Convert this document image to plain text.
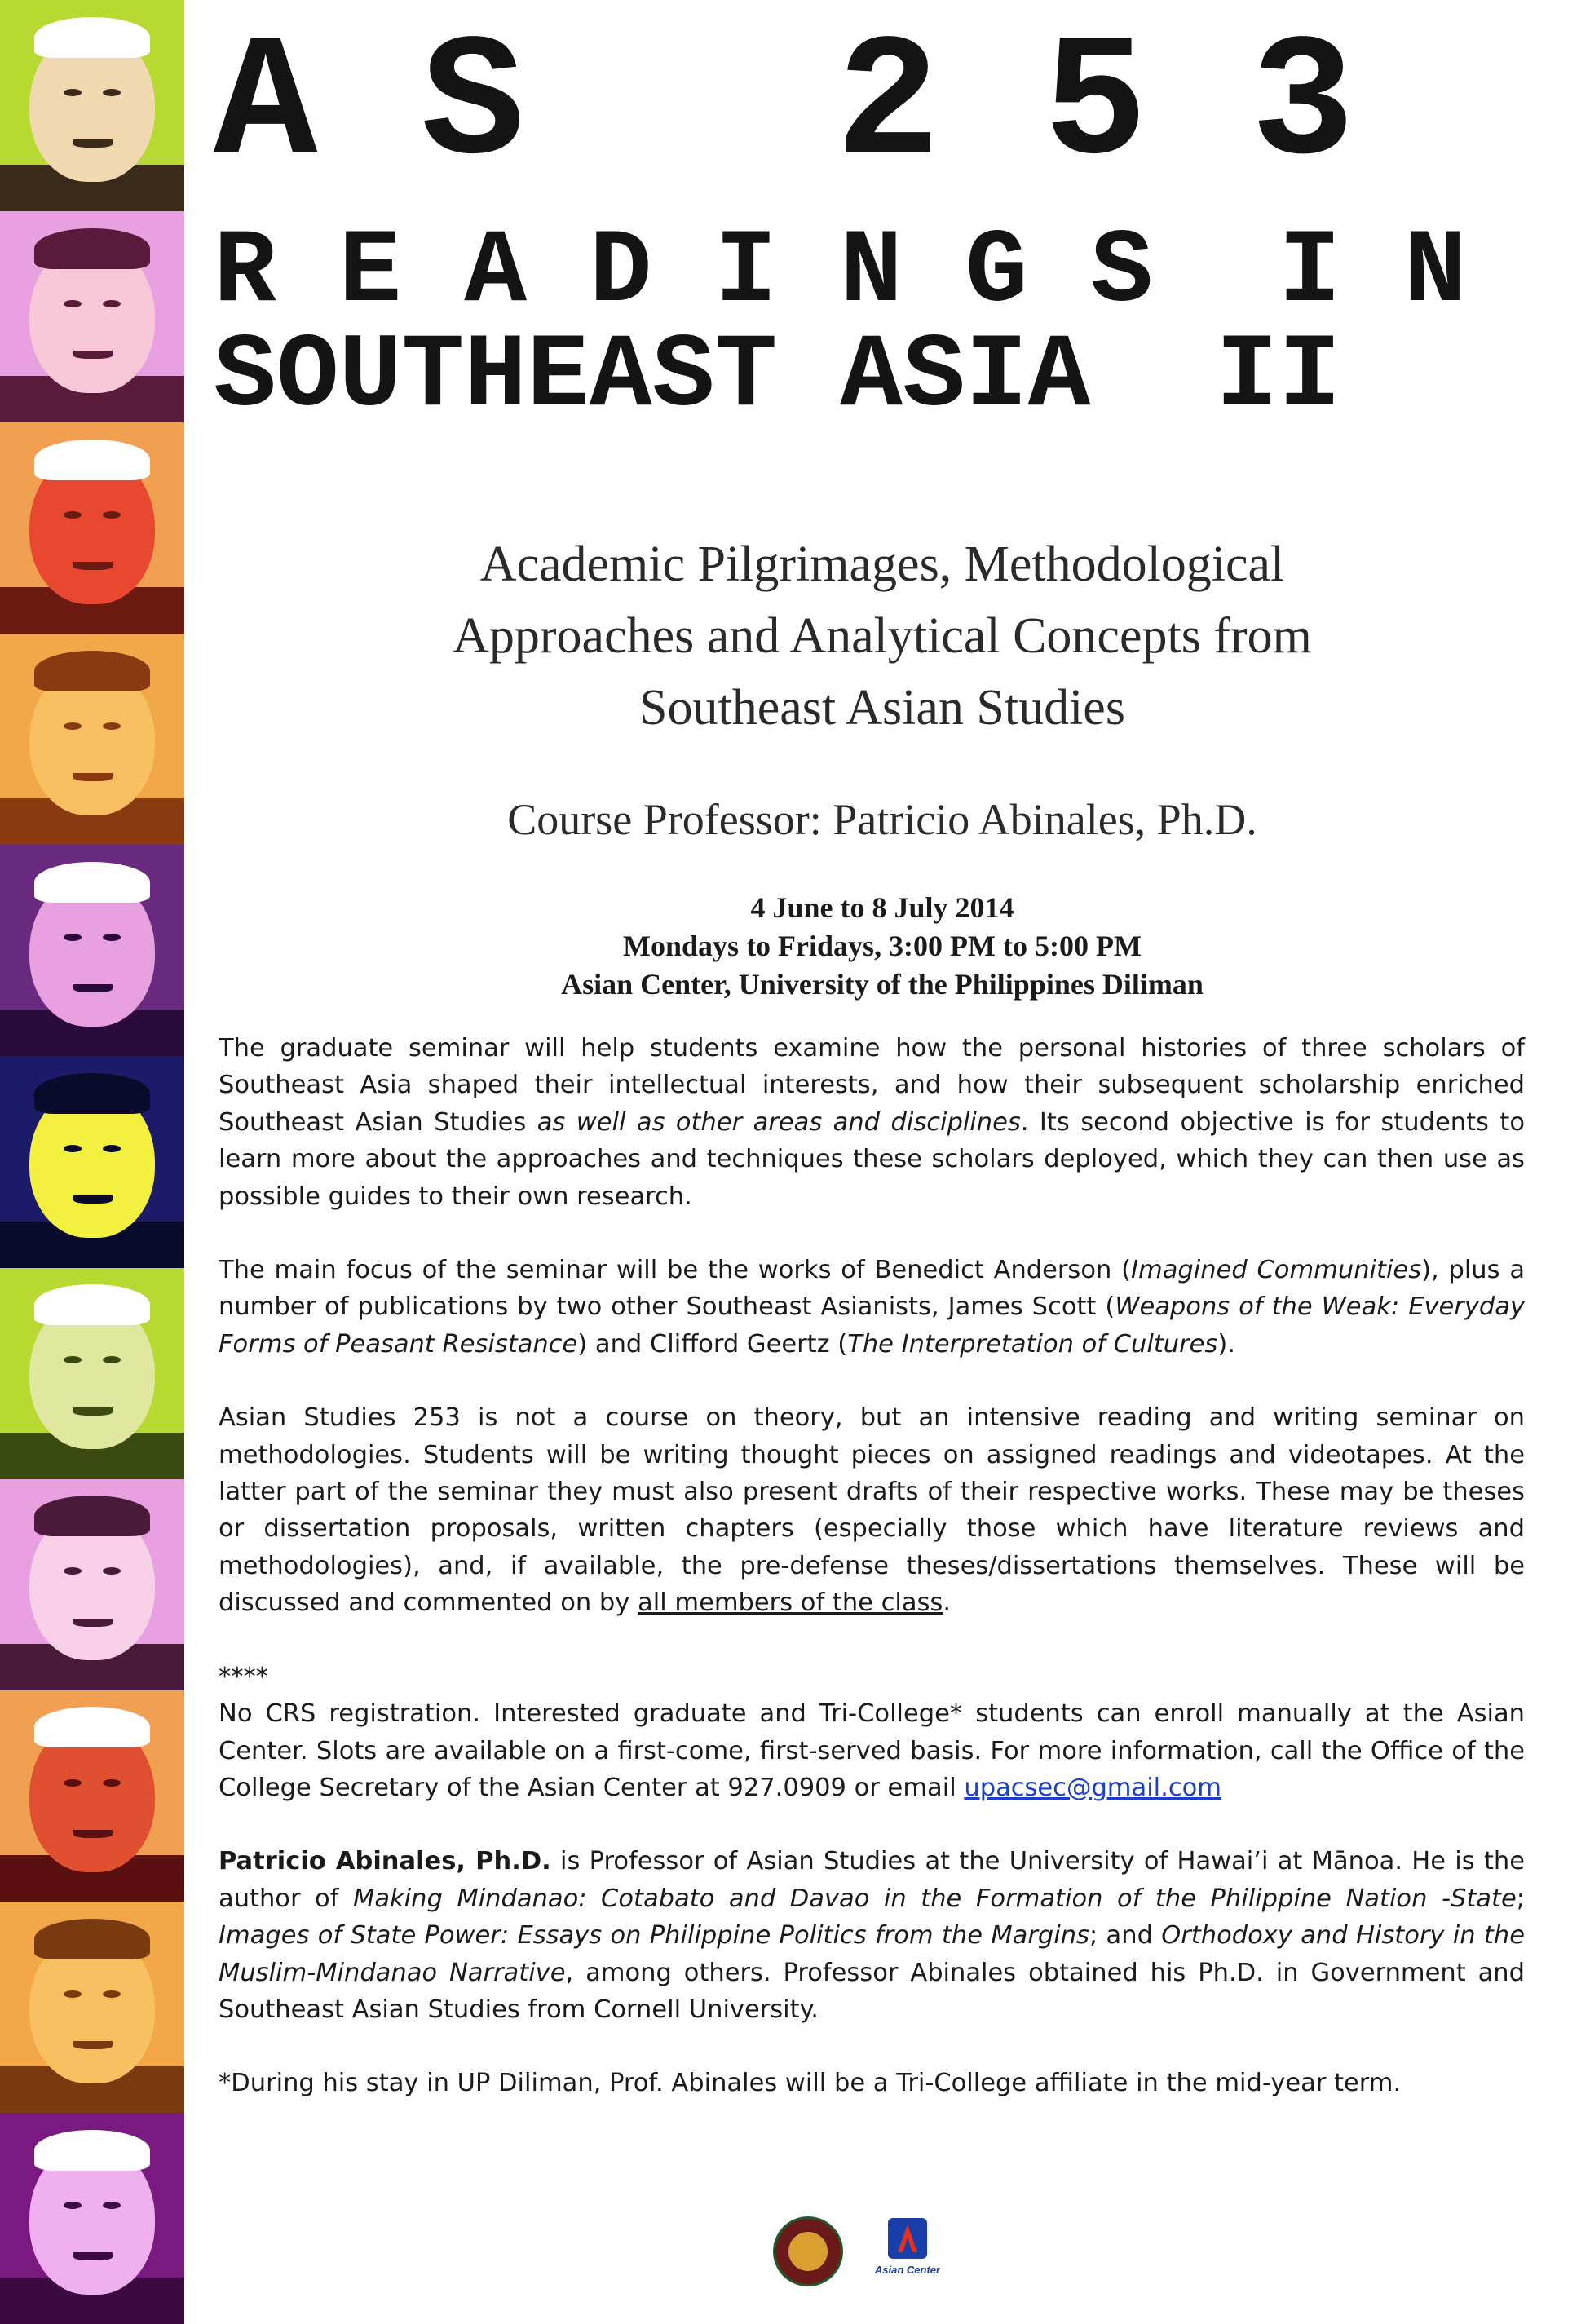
A S   2 5 3
R E A D I N G S  I N
SOUTHEAST ASIA  II
Academic Pilgrimages, Methodological
Approaches and Analytical Concepts from
Southeast Asian Studies
Course Professor: Patricio Abinales, Ph.D.
4 June to 8 July 2014
Mondays to Fridays, 3:00 PM to 5:00 PM
Asian Center, University of the Philippines Diliman

The graduate seminar will help students examine how the personal histories of three scholars of Southeast Asia shaped their intellectual interests, and how their subsequent scholarship enriched Southeast Asian Studies as well as other areas and disciplines. Its second objective is for students to learn more about the approaches and techniques these scholars deployed, which they can then use as possible guides to their own research.

The main focus of the seminar will be the works of Benedict Anderson (Imagined Communities), plus a number of publications by two other Southeast Asianists, James Scott (Weapons of the Weak: Everyday Forms of Peasant Resistance) and Clifford Geertz (The Interpretation of Cultures).

Asian Studies 253 is not a course on theory, but an intensive reading and writing seminar on methodologies. Students will be writing thought pieces on assigned readings and videotapes. At the latter part of the seminar they must also present drafts of their respective works. These may be theses or dissertation proposals, written chapters (especially those which have literature reviews and methodologies), and, if available, the pre-defense theses/dissertations themselves. These will be discussed and commented on by all members of the class.

****

No CRS registration. Interested graduate and Tri-College* students can enroll manually at the Asian Center. Slots are available on a first-come, first-served basis. For more information, call the Office of the College Secretary of the Asian Center at 927.0909 or email upacsec@gmail.com

Patricio Abinales, Ph.D. is Professor of Asian Studies at the University of Hawai’i at Mānoa. He is the author of Making Mindanao: Cotabato and Davao in the Formation of the Philippine Nation -State; Images of State Power: Essays on Philippine Politics from the Margins; and Orthodoxy and History in the Muslim-Mindanao Narrative, among others. Professor Abinales obtained his Ph.D. in Government and Southeast Asian Studies from Cornell University.

*During his stay in UP Diliman, Prof. Abinales will be a Tri-College affiliate in the mid-year term.

Asian Center
